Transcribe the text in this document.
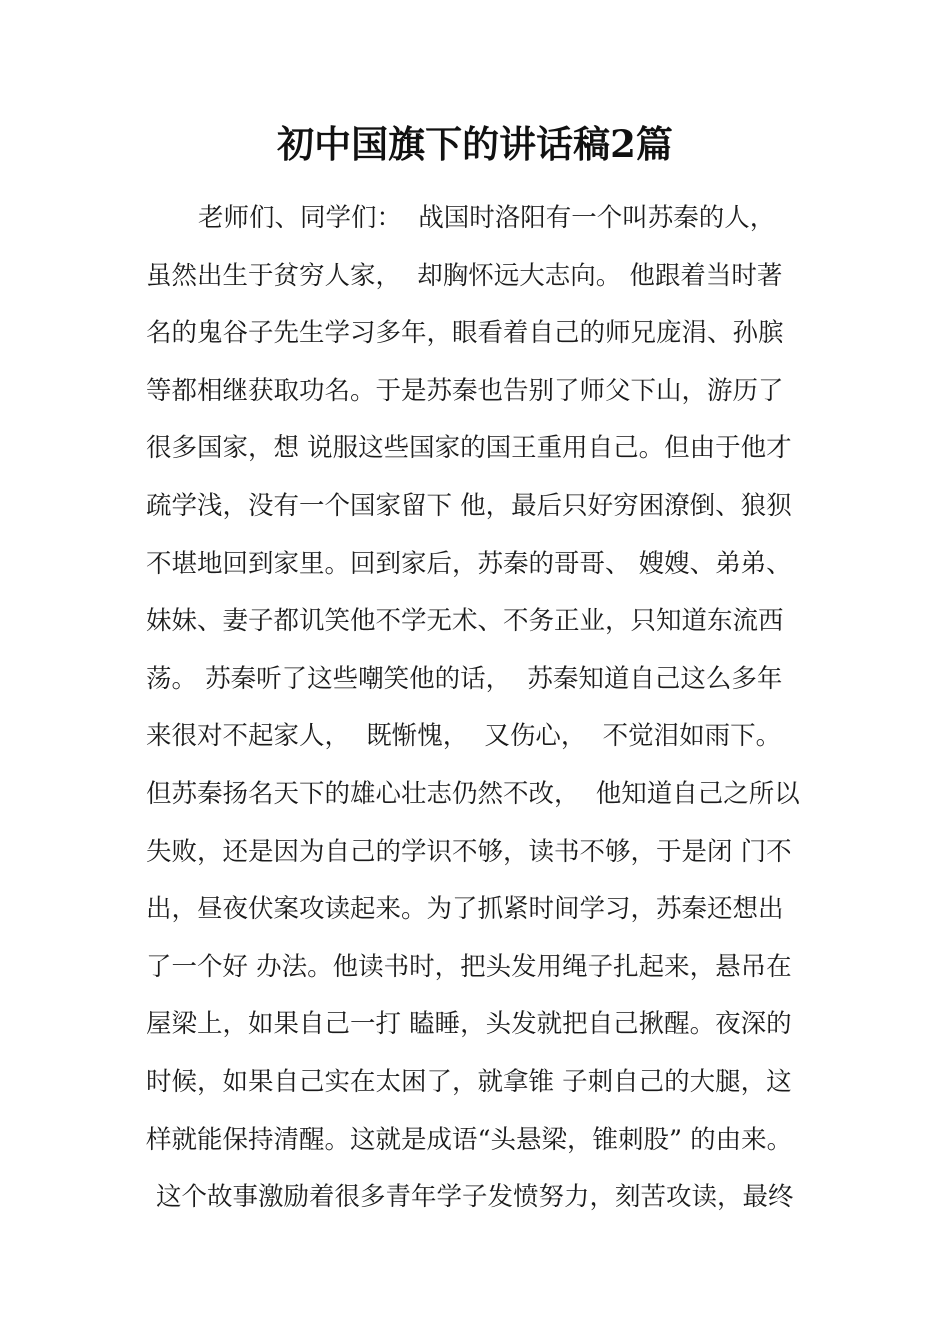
初中国旗下的讲话稿2篇
老师们、同学们：  战国时洛阳有一个叫苏秦的人，
虽然出生于贫穷人家，  却胸怀远大志向。 他跟着当时著
名的鬼谷子先生学习多年，眼看着自己的师兄庞涓、孙膑
等都相继获取功名。于是苏秦也告别了师父下山，游历了
很多国家，想 说服这些国家的国王重用自己。但由于他才
疏学浅，没有一个国家留下 他，最后只好穷困潦倒、狼狈
不堪地回到家里。回到家后，苏秦的哥哥、 嫂嫂、弟弟、
妹妹、妻子都讥笑他不学无术、不务正业，只知道东流西
荡。 苏秦听了这些嘲笑他的话，  苏秦知道自己这么多年
来很对不起家人，  既惭愧，  又伤心，  不觉泪如雨下。
但苏秦扬名天下的雄心壮志仍然不改，  他知道自己之所以
失败，还是因为自己的学识不够，读书不够，于是闭 门不
出，昼夜伏案攻读起来。为了抓紧时间学习，苏秦还想出
了一个好 办法。他读书时，把头发用绳子扎起来，悬吊在
屋梁上，如果自己一打 瞌睡，头发就把自己揪醒。夜深的
时候，如果自己实在太困了，就拿锥 子刺自己的大腿，这
样就能保持清醒。这就是成语“头悬梁，锥刺股” 的由来。
这个故事激励着很多青年学子发愤努力，刻苦攻读，最终
